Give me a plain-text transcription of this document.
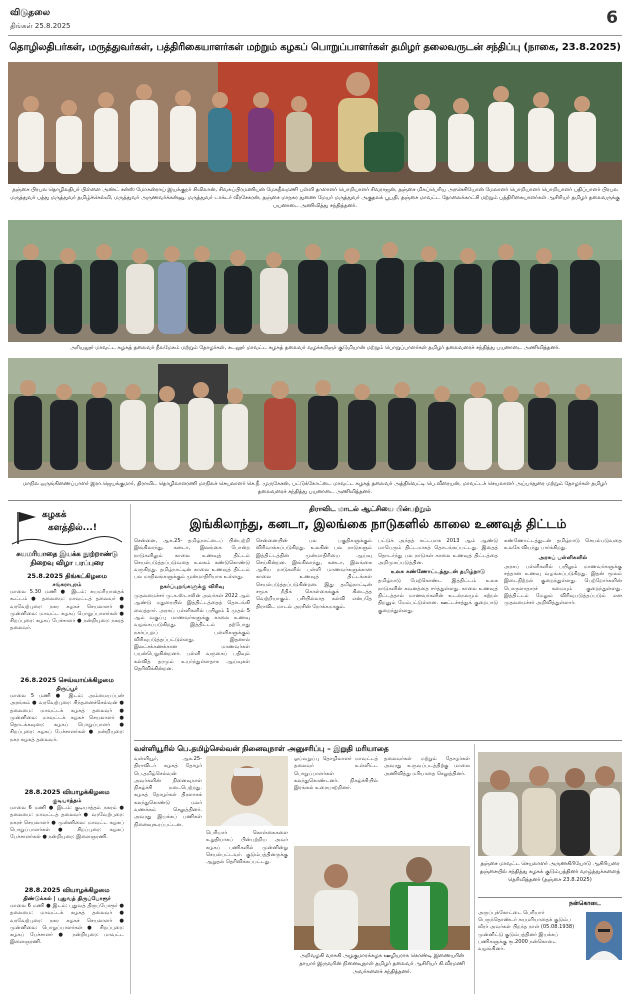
விடுதலை
திங்கள் 25.8.2025	6
தொழிலதிபர்கள், மருத்துவர்கள், பத்திரிகையாளர்கள் மற்றும் கழகப் பொறுப்பாளர்கள் தமிழர் தலைவருடன் சந்திப்பு (நாகை, 23.8.2025)
தஞ்சை பிரபல தொழிலதிபர் பிள்ளை அண்ட் சன்ஸ் மோகன்ராய் இயக்குநர் சிவிலான், சிவசுப்பிரமணியன் மேகநீலமணி பள்ளி தாளாளர் பொறியாளர் சிவராஜன், தஞ்சை மிகப்பெரிய அரசெசியோன் மேலாளர் பொறியாளர் பொறியாளர் பதிப்பாளர் பிரபல மருத்துவர் பத்து மருத்துவர் தமிழ்ச்செல்வி, மருத்துவர் அருணவர்க்கன்னு, மருத்துவர் டாக்டர் வீரசேகரன், தஞ்சை மாநகர துணை மேயர் மருத்துவர் அகுதலக் பூபதி, தஞ்சை மாவட்ட தோலைக்காட்சி மற்றும் பத்திரிகையாளர்கள் ஆசிரியர் தமிழர் தலைவருக்கு பயனாடை அணிவித்து சந்தித்தனர்.
அரியலூர் மாவட்ட கழகத் தலைவர் நீலமேகம் மற்றும் தோழர்கள், கடலூர் மாவட்ட கழகத் தலைவர் வழக்கறிஞர் குடுமியான் மற்றும் பொறுப்பாளர்கள் தமிழர் தலைவரைச் சந்தித்து பயனாடை அணிவித்தனர்.
மாநில ஒருங்கிணைப்பாளர் இரா.ஜெயக்குமார், திராவிட தொழிலாளரணி மாநிலச் செயலாளர் செ.நீ. முருகேசன், பட்டுக்கோட்டை மாவட்ட கழகத் தலைவர் அத்திவெட்டி பெ.வீரையன், மாவட்டச் செயலாளர் அப்பாதுரை மற்றும் தோழர்கள் தமிழர் தலைவரைச் சந்தித்து பயனாடை அணிவித்தனர்.
கழகக்
களத்தில்...!
சுயமரியாதை இயக்க நூற்றாண்டு நிறைவு விழா பரப்புரை
25.8.2025 திங்கட்கிழமை
சங்கராபுரம்
மாலை 5.30 மணி ● இடம்: சுயமரியாதைக் கூட்டம் ● தலைமை: மாவட்டத் தலைவர் ● வரவேற்புரை: நகர கழகச் செயலாளர் ● முன்னிலை: மாவட்ட கழகப் பொறுப்பாளர்கள் ● சிறப்புரை: கழகப் பேச்சாளர் ● நன்றியுரை: நகரத் தலைவர்.
26.8.2025 செவ்வாய்க்கிழமை
திருப்பூர்
மாலை 5 மணி ● இடம்: அம்மையப்பன் அரங்கம் ● வரவேற்புரை: சிந்தனைச்செல்வன் ● தலைமை: மாவட்டக் கழகத் தலைவர் ● முன்னிலை: மாவட்டக் கழகச் செயலாளர் ● தொடக்கவுரை: கழகப் பொறுப்பாளர் ● சிறப்புரை: கழகப் பேச்சாளர்கள் ● நன்றியுரை: நகர கழகத் தலைவர்.
28.8.2025 வியாழக்கிழமை
குடியாத்தம்
மாலை 6 மணி ● இடம்: குடியாத்தம் நகரம் ● தலைமை: மாவட்டத் தலைவர் ● வரவேற்புரை: நகரச் செயலாளர் ● முன்னிலை: மாவட்ட கழகப் பொறுப்பாளர்கள் ● சிறப்புரை: கழகப் பேச்சாளர்கள் ● நன்றியுரை: இளைஞரணி.
28.8.2025 வியாழக்கிழமை
திண்டுக்கல் | புதுவத் திருப்போரூர்
மாலை 6 மணி ● இடம்: புதுவத் திருப்போரூர் ● தலைமை: மாவட்டக் கழகத் தலைவர் ● வரவேற்புரை: நகர கழகச் செயலாளர் ● முன்னிலை: பொறுப்பாளர்கள் ● சிறப்புரை: கழகப் பேச்சாளர் ● நன்றியுரை: மாவட்ட இளைஞரணி.
திராவிட மாடல் ஆட்சியை பின்பற்றும்
இங்கிலாந்து, கனடா, இலங்கை நாடுகளில் காலை உணவுத் திட்டம்
சென்னை, ஆக.25- தமிழ்நாட்டைப் பின்பற்றி இங்கிலாந்து, கனடா, இலங்கை போன்ற நாடுகளிலும் காலை உணவுத் திட்டம் செயல்படுத்தப்படுவதை உலகம் கண்டுகொண்டு வருகிறது. தமிழ்நாட்டின் காலை உணவுத் திட்டம் பல மாநிலங்களுக்கும் முன்மாதிரியாக உள்ளது.
நகர்ப்புறங்களுக்கு விரிவு
முதலமைச்சர் மு.க.ஸ்டாலின் அவர்கள் 2022 ஆம் ஆண்டு மதுரையில் இத்திட்டத்தைத் தொடங்கி வைத்தார். அரசுப் பள்ளிகளில் பயிலும் 1 முதல் 5 ஆம் வகுப்பு மாணவர்களுக்கு காலை உணவு வழங்கப்படுகிறது. இத்திட்டம் தற்போது நகர்ப்புறப் பள்ளிகளுக்கும் விரிவுபடுத்தப்பட்டுள்ளது. இதனால் இலட்சக்கணக்கான மாணவர்கள் பயன்பெறுகின்றனர். பள்ளி வருகைப் பதிவும் கல்வித் தரமும் உயர்ந்துள்ளதாக ஆய்வுகள் தெரிவிக்கின்றன.
சென்னையின் பல பகுதிகளுக்கும் விரிவாக்கப்படுகிறது. உலகின் பல நாடுகளும் இத்திட்டத்தின் முன்மாதிரியை ஆய்வு செய்கின்றன. இங்கிலாந்து, கனடா, இலங்கை ஆகிய நாடுகளில் பள்ளி மாணவர்களுக்கான காலை உணவுத் திட்டங்கள் செயல்படுத்தப்படுகின்றன. இது தமிழ்நாட்டின் சமூக நீதிக் கொள்கைக்குக் கிடைத்த வெற்றியாகும். பசியில்லாத கல்வி என்பதே திராவிட மாடல் அரசின் நோக்கமாகும்.
பட்டுக் அந்தத் சுட்டமாக 2013 ஆம் ஆண்டு மாபெரும் திட்டமாகத் தொடங்கப்பட்டது. இதைத் தொடர்ந்து பல நாடுகள் காலை உணவுத் திட்டத்தை அறிமுகப்படுத்தின.
உலக கண்ணோட்டத்துடன் தமிழ்நாடு
தமிழ்நாடு மேற்கொண்ட இத்திட்டம் உலக நாடுகளின் கவனத்தை ஈர்த்துள்ளது. காலை உணவுத் திட்டத்தால் மாணவர்களின் உடல்நலமும் கற்றல் திறனும் மேம்பட்டுள்ளன. ஊட்டச்சத்துக் குறைபாடு குறைந்துள்ளது.
கண்ணோட்டத்துடன் தமிழ்நாடு செயல்படுவதை உலகே வியந்து பார்க்கிறது.
அரசுப் பள்ளிகளில்
அரசுப் பள்ளிகளில் பயிலும் மாணவர்களுக்கு சத்தான உணவு வழங்கப்படுகிறது. இதன் மூலம் இடைநிற்றல் குறைந்துள்ளது. பெற்றோர்களின் பொருளாதாரச் சுமையும் குறைந்துள்ளது. இத்திட்டம் மேலும் விரிவுபடுத்தப்படும் என முதலமைச்சர் அறிவித்துள்ளார்.
வள்ளியூரில் பெ.தமிழ்செல்வன் நினைவுநாள் அனுசரிப்பு – இறுதி மரியாதை
வள்ளியூர், ஆக.25- திராவிடர் கழகத் தோழர் பெ.தமிழ்செல்வன் அவர்களின் நினைவுநாள் நிகழ்ச்சி நடைபெற்றது. கழகத் தோழர்கள் திரளாகக் கலந்துகொண்டு மலர் வணக்கம் செலுத்தினர். அவரது இயக்கப் பணிகள் நினைவுகூரப்பட்டன.
பெரியார் கொள்கைகளை உறுதியாகப் பின்பற்றிய அவர் கழகப் பணிகளில் முன்னின்று செயல்பட்டவர். குடும்பத்தினருக்கு ஆறுதல் தெரிவிக்கப்பட்டது.
ஓய்வறுப்பு தொழிலாளர் மாவட்டத் தலைவர் உள்ளிட்ட பொறுப்பாளர்கள் கலந்துகொண்டனர். நிகழ்ச்சியில் இரங்கல் உரையாற்றினர்.
தலைவர்கள் மற்றும் தோழர்கள் அவரது உருவப்படத்திற்கு மாலை அணிவித்து மரியாதை செலுத்தினர்.
அறிவழகி வாசுகி அழகுமாரக்கழக ஊழியராக கொண்டி இணையரின் தாயார் இருவரின் நினைவுநாள் தமிழர் தலைவர் ஆசிரியர் கி.வீரமணி அவர்களைச் சந்தித்தனர்.
தஞ்சை மாவட்ட செயலாளர் அருணகிரியோடு ஆசிரியரை தஞ்சையில் சந்தித்து கழகக் குடும்பத்தினர் வாழ்த்துக்களைத் தெரிவித்தனர் (தஞ்சை 23.8.2025)
நன்கொடை
அருப்புக்கோட்டை பெரியார் பெருந்தொண்டர் சுயமரியாதைக் குடும்ப வீரர் அவர்கள் பிறந்த நாள் (05.08.1938) முன்னிட்டு குடும்பத்தினர் இயக்கப் பணிகளுக்கு ரூ.2000 நன்கொடை வழங்கினர்.
